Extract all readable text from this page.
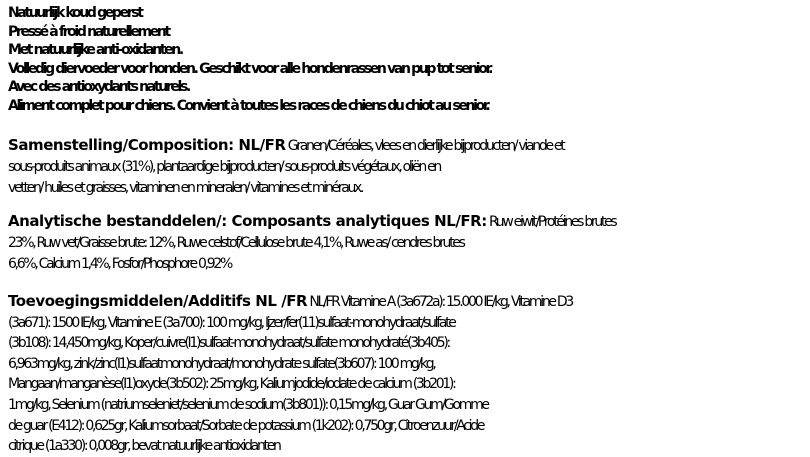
Natuurlijk koud geperst
Pressé à froid naturellement
Met natuurlijke anti-oxidanten.
Volledig diervoeder voor honden. Geschikt voor alle hondenrassen van pup tot senior.
Avec des antioxydants naturels.
Aliment complet pour chiens. Convient à toutes les races de chiens du chiot au senior.
Samenstelling/Composition: NL/FR Granen/Céréales, vlees en dierlijke bijproducten/ viande et
sous-produits animaux (31%), plantaardige bijproducten/ sous-produits végétaux, oliën en
vetten/ huiles et graisses, vitaminen en mineralen/ vitamines et minéraux.
Analytische bestanddelen/: Composants analytiques NL/FR: Ruw eiwit/Protéines brutes
23%, Ruw vet/Graisse brute: 12%, Ruwe celstof/Cellulose brute 4,1%, Ruwe as/ cendres brutes
6,6%, Calcium 1,4%, Fosfor/Phosphore 0,92%
Toevoegingsmiddelen/Additifs NL /FR NL/FR Vitamine A (3a672a): 15.000 IE/kg, Vitamine D3
(3a671): 1500 IE/kg, Vitamine E (3a700): 100 mg/kg, Ijzer/fer(11)sulfaat-monohydraat/sulfate
(3b108): 14,450mg/kg, Koper/cuivre(I1)sulfaat-monohydraat/sulfate monohydraté(3b405):
6,963mg/kg, zink/zinc(I1)sulfaatmonohydraat/monohydrate sulfate(3b607): 100 mg/kg,
Mangaan/manganèse(I1)oxyde(3b502): 25mg/kg, Kaliumjodide/iodate de calcium (3b201):
1mg/kg, Selenium (natriumseleniet/selenium de sodium(3b801)): 0,15mg/kg, Guar Gum/Gomme
de guar (E412): 0,625gr, Kaliumsorbaat/Sorbate de potassium (1k202): 0,750gr, Citroenzuur/Acide
citrique (1a330): 0,008gr, bevat natuurlijke antioxidanten
